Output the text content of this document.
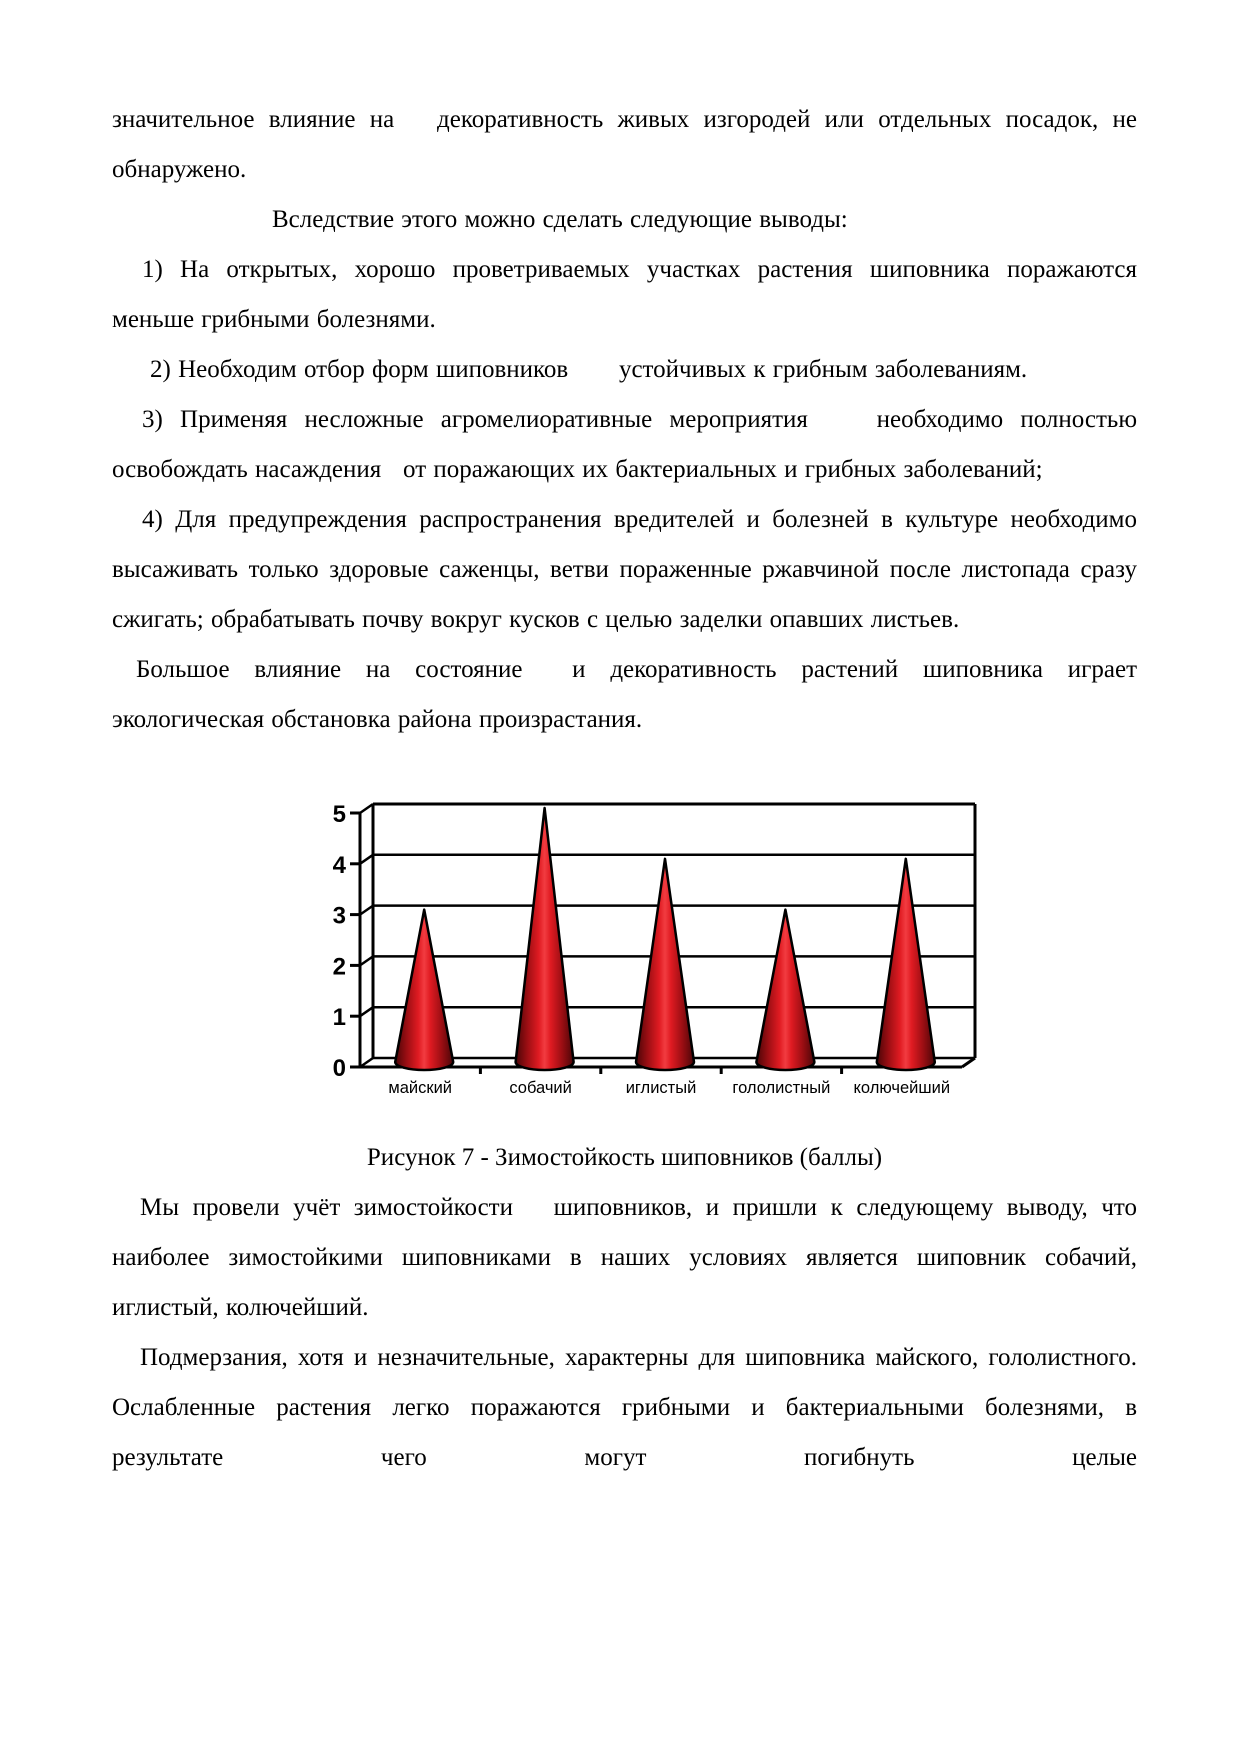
значительное влияние на   декоративность живых изгородей или отдельных посадок, не обнаружено.

Вследствие этого можно сделать следующие выводы:

1) На открытых, хорошо проветриваемых участках растения шиповника поражаются меньше грибными болезнями.

2) Необходим отбор форм шиповников       устойчивых к грибным заболеваниям.

3) Применяя несложные агромелиоративные мероприятия    необходимо полностью освобождать насаждения   от поражающих их бактериальных и грибных заболеваний;

4) Для предупреждения распространения вредителей и болезней в культуре необходимо высаживать только здоровые саженцы, ветви пораженные ржавчиной после листопада сразу сжигать; обрабатывать почву вокруг кусков с целью заделки опавших листьев.

Большое влияние на состояние  и декоративность растений шиповника играет экологическая обстановка района произрастания.

0
1
2
3
4
5
майский	собачий	иглистый гололистный колючейший

Рисунок 7 - Зимостойкость шиповников (баллы)

Мы провели учёт зимостойкости   шиповников, и пришли к следующему выводу, что наиболее зимостойкими шиповниками в наших условиях является шиповник собачий, иглистый, колючейший.

Подмерзания, хотя и незначительные, характерны для шиповника майского, гололистного. Ослабленные растения легко поражаются грибными и бактериальными болезнями, в результате чего могут погибнуть целые
